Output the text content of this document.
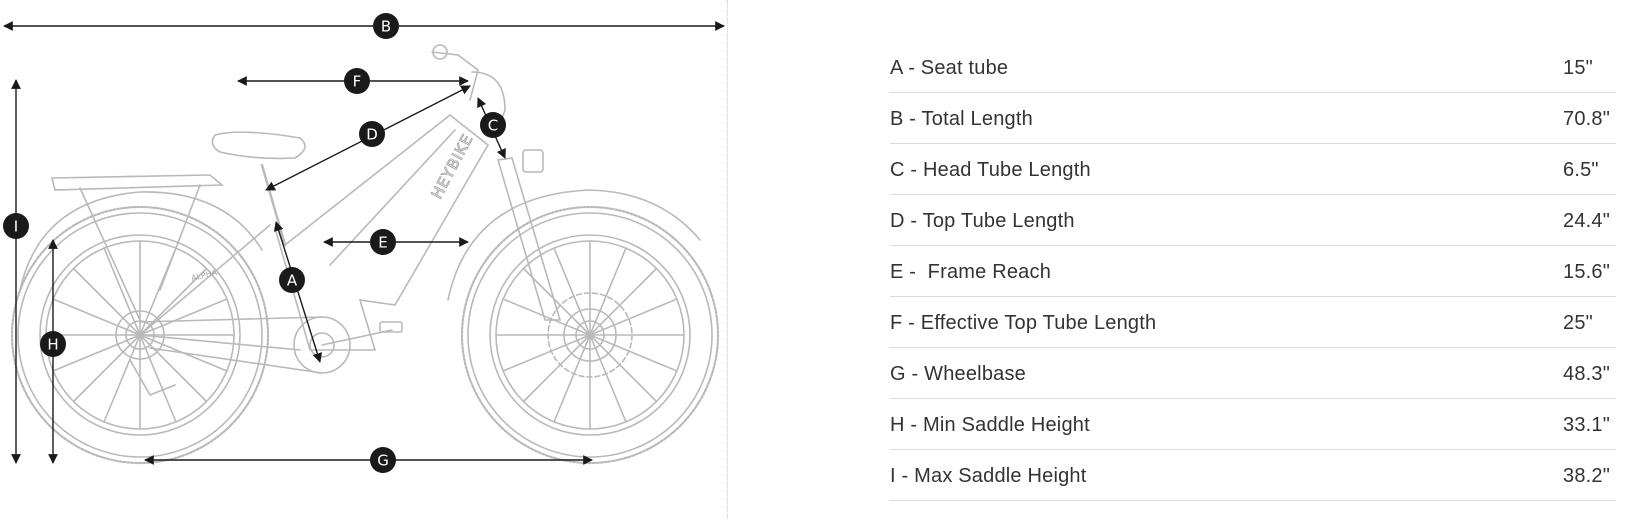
HEYBIKE
ALPHA
B
F
D	C
E
A
G
I
H
A - Seat tube	15"
B - Total Length	70.8"
C - Head Tube Length	6.5"
D - Top Tube Length	24.4"
E -  Frame Reach	15.6"
F - Effective Top Tube Length	25"
G - Wheelbase	48.3"
H - Min Saddle Height	33.1"
I - Max Saddle Height	38.2"
